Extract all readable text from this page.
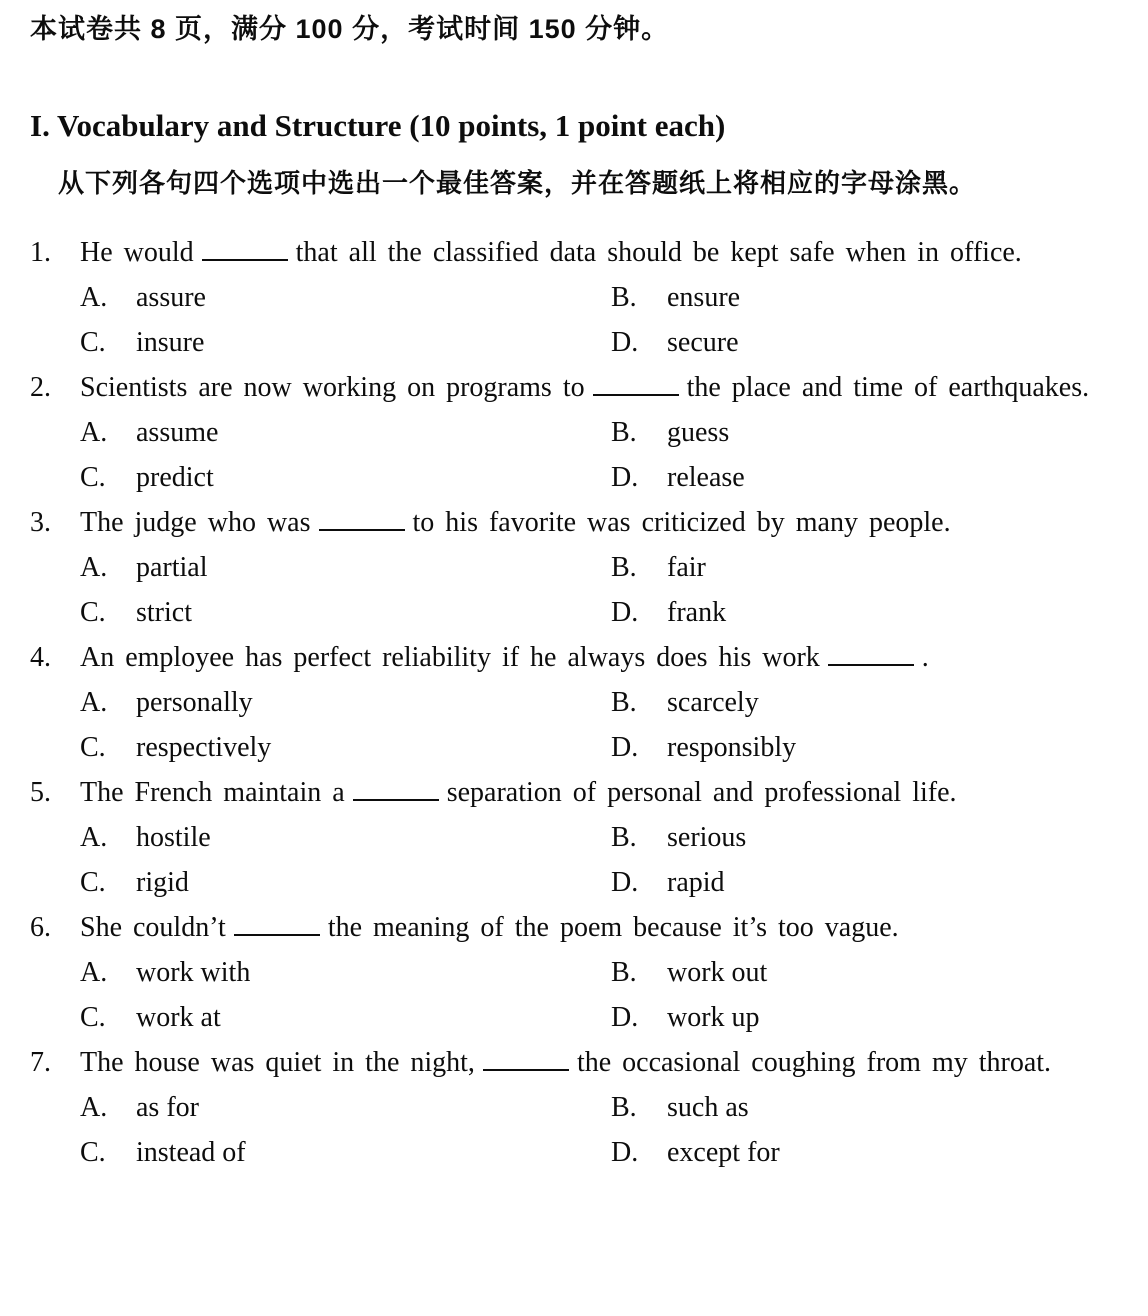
本试卷共 8 页，满分 100 分，考试时间 150 分钟。
I. Vocabulary and Structure (10 points, 1 point each)
从下列各句四个选项中选出一个最佳答案，并在答题纸上将相应的字母涂黑。
1.	He would	that all the classified data should be kept safe when in office.

A.	assure	B.	ensure
C.	insure	D.	secure
2.	Scientists are now working on programs to	the place and time of earthquakes.

A.	assume	B.	guess
C.	predict	D.	release
3.	The judge who was	to his favorite was criticized by many people.

A.	partial	B.	fair
C.	strict	D.	frank
4.	An employee has perfect reliability if he always does his work	.

A.	personally	B.	scarcely
C.	respectively	D.	responsibly
5.	The French maintain a	separation of personal and professional life.

A.	hostile	B.	serious
C.	rigid	D.	rapid
6.	She couldn’t	the meaning of the poem because it’s too vague.

A.	work with	B.	work out
C.	work at	D.	work up
7.	The house was quiet in the night,	the occasional coughing from my throat.

A.	as for	B.	such as
C.	instead of	D.	except for
